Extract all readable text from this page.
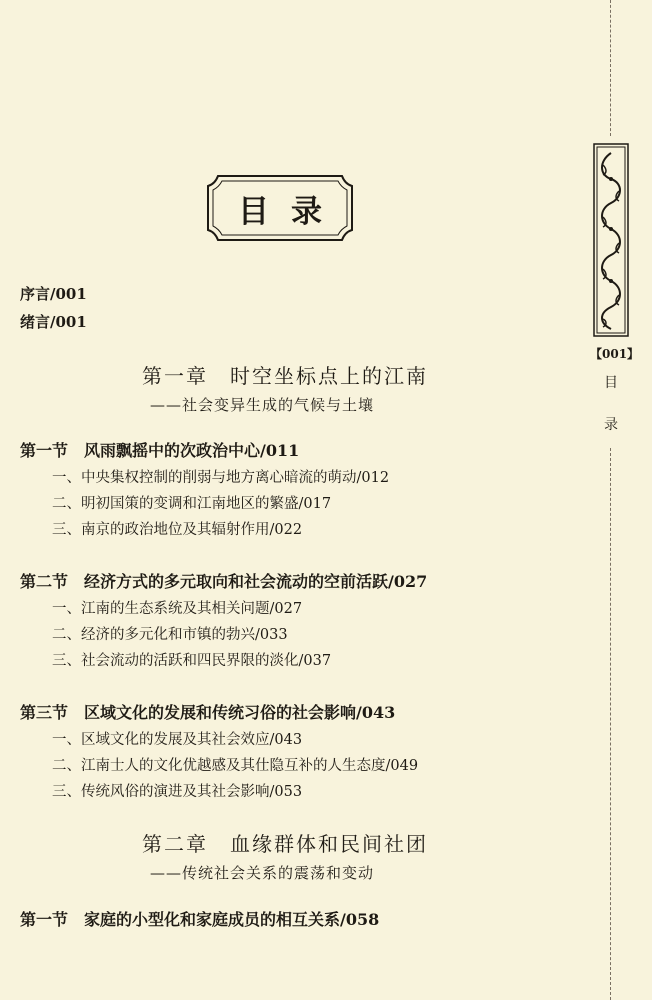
目录
序言/001
绪言/001
第一章　时空坐标点上的江南
——社会变异生成的气候与土壤
第一节　风雨飘摇中的次政治中心/011
一、中央集权控制的削弱与地方离心暗流的萌动/012
二、明初国策的变调和江南地区的繁盛/017
三、南京的政治地位及其辐射作用/022
第二节　经济方式的多元取向和社会流动的空前活跃/027
一、江南的生态系统及其相关问题/027
二、经济的多元化和市镇的勃兴/033
三、社会流动的活跃和四民界限的淡化/037
第三节　区域文化的发展和传统习俗的社会影响/043
一、区域文化的发展及其社会效应/043
二、江南士人的文化优越感及其仕隐互补的人生态度/049
三、传统风俗的演进及其社会影响/053
第二章　血缘群体和民间社团
——传统社会关系的震荡和变动
第一节　家庭的小型化和家庭成员的相互关系/058
【001】
目
录
